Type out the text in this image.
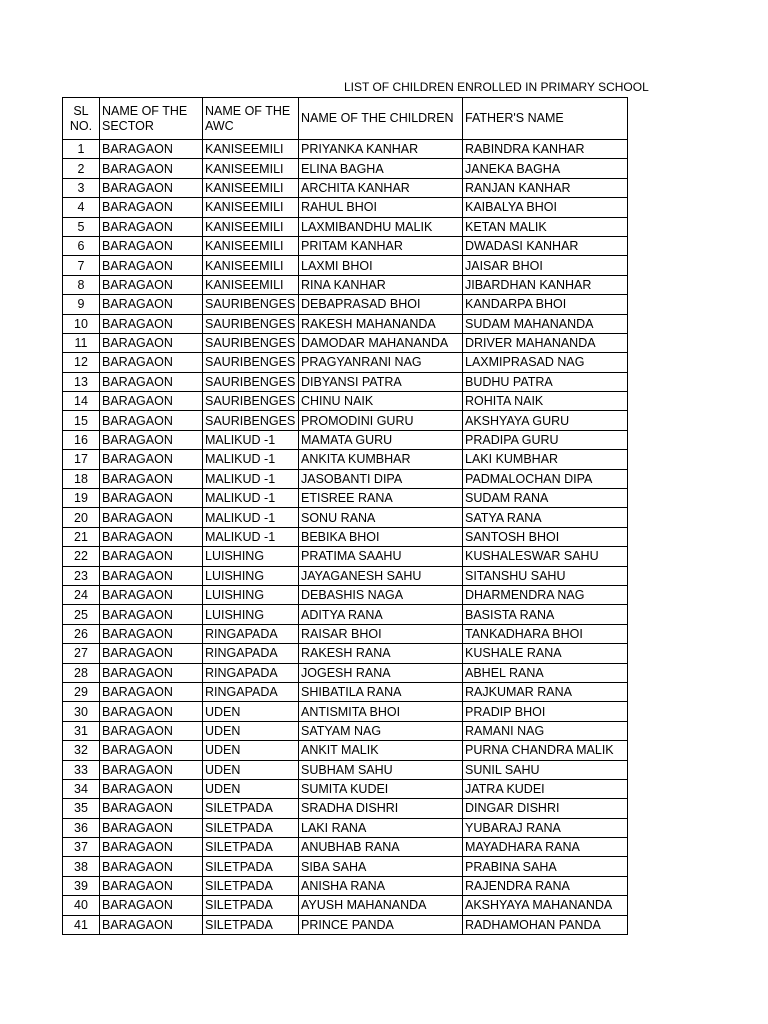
LIST OF CHILDREN ENROLLED IN PRIMARY SCHOOL
SL NO.	NAME OF THE SECTOR	NAME OF THE AWC	NAME OF THE CHILDREN	FATHER'S NAME
1	BARAGAON	KANISEEMILI	PRIYANKA KANHAR	RABINDRA KANHAR
2	BARAGAON	KANISEEMILI	ELINA BAGHA	JANEKA BAGHA
3	BARAGAON	KANISEEMILI	ARCHITA KANHAR	RANJAN KANHAR
4	BARAGAON	KANISEEMILI	RAHUL BHOI	KAIBALYA BHOI
5	BARAGAON	KANISEEMILI	LAXMIBANDHU MALIK	KETAN MALIK
6	BARAGAON	KANISEEMILI	PRITAM KANHAR	DWADASI KANHAR
7	BARAGAON	KANISEEMILI	LAXMI BHOI	JAISAR BHOI
8	BARAGAON	KANISEEMILI	RINA KANHAR	JIBARDHAN KANHAR
9	BARAGAON	SAURIBENGES	DEBAPRASAD BHOI	KANDARPA BHOI
10	BARAGAON	SAURIBENGES	RAKESH MAHANANDA	SUDAM MAHANANDA
11	BARAGAON	SAURIBENGES	DAMODAR MAHANANDA	DRIVER MAHANANDA
12	BARAGAON	SAURIBENGES	PRAGYANRANI NAG	LAXMIPRASAD NAG
13	BARAGAON	SAURIBENGES	DIBYANSI PATRA	BUDHU PATRA
14	BARAGAON	SAURIBENGES	CHINU NAIK	ROHITA NAIK
15	BARAGAON	SAURIBENGES	PROMODINI GURU	AKSHYAYA GURU
16	BARAGAON	MALIKUD -1	MAMATA GURU	PRADIPA GURU
17	BARAGAON	MALIKUD -1	ANKITA KUMBHAR	LAKI KUMBHAR
18	BARAGAON	MALIKUD -1	JASOBANTI DIPA	PADMALOCHAN DIPA
19	BARAGAON	MALIKUD -1	ETISREE RANA	SUDAM RANA
20	BARAGAON	MALIKUD -1	SONU RANA	SATYA RANA
21	BARAGAON	MALIKUD -1	BEBIKA BHOI	SANTOSH BHOI
22	BARAGAON	LUISHING	PRATIMA SAAHU	KUSHALESWAR SAHU
23	BARAGAON	LUISHING	JAYAGANESH SAHU	SITANSHU SAHU
24	BARAGAON	LUISHING	DEBASHIS NAGA	DHARMENDRA NAG
25	BARAGAON	LUISHING	ADITYA RANA	BASISTA RANA
26	BARAGAON	RINGAPADA	RAISAR BHOI	TANKADHARA BHOI
27	BARAGAON	RINGAPADA	RAKESH RANA	KUSHALE RANA
28	BARAGAON	RINGAPADA	JOGESH RANA	ABHEL RANA
29	BARAGAON	RINGAPADA	SHIBATILA RANA	RAJKUMAR RANA
30	BARAGAON	UDEN	ANTISMITA BHOI	PRADIP BHOI
31	BARAGAON	UDEN	SATYAM NAG	RAMANI NAG
32	BARAGAON	UDEN	ANKIT MALIK	PURNA CHANDRA MALIK
33	BARAGAON	UDEN	SUBHAM SAHU	SUNIL SAHU
34	BARAGAON	UDEN	SUMITA KUDEI	JATRA KUDEI
35	BARAGAON	SILETPADA	SRADHA DISHRI	DINGAR DISHRI
36	BARAGAON	SILETPADA	LAKI RANA	YUBARAJ RANA
37	BARAGAON	SILETPADA	ANUBHAB RANA	MAYADHARA RANA
38	BARAGAON	SILETPADA	SIBA SAHA	PRABINA SAHA
39	BARAGAON	SILETPADA	ANISHA RANA	RAJENDRA RANA
40	BARAGAON	SILETPADA	AYUSH MAHANANDA	AKSHYAYA MAHANANDA
41	BARAGAON	SILETPADA	PRINCE PANDA	RADHAMOHAN PANDA
